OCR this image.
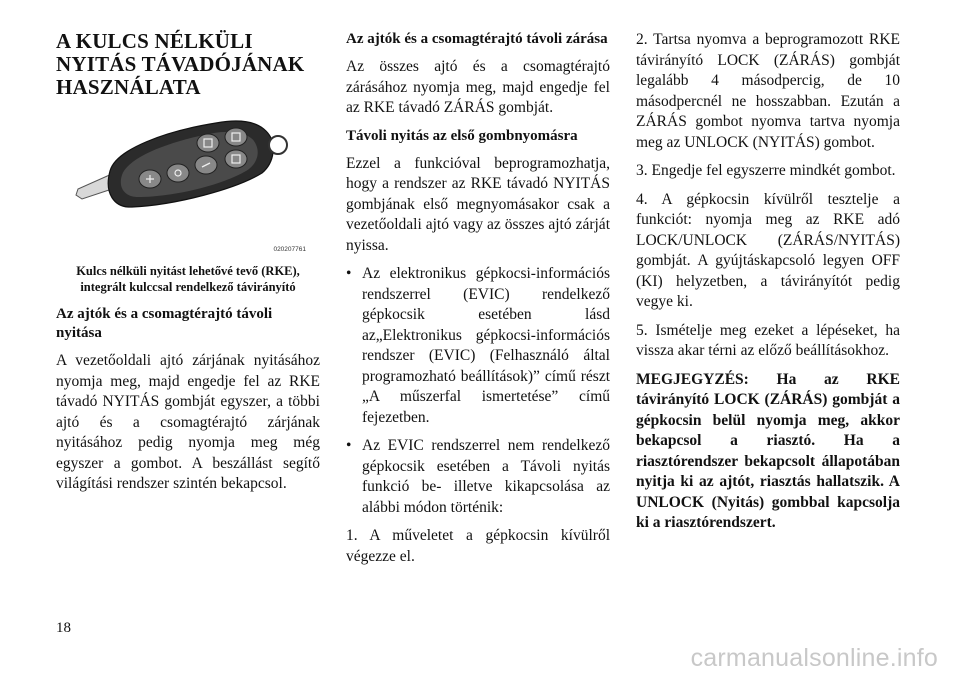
A KULCS NÉLKÜLI NYITÁS TÁVADÓJÁNAK HASZNÁLATA
020207761
Kulcs nélküli nyitást lehetővé tevő (RKE), integrált kulccsal rendelkező távirányító
Az ajtók és a csomagtérajtó távoli nyitása

A vezetőoldali ajtó zárjának nyitásához nyomja meg, majd engedje fel az RKE távadó NYITÁS gombját egyszer, a többi ajtó és a csomagtérajtó zárjának nyitásához pedig nyomja meg még egyszer a gombot. A beszállást segítő világítási rendszer szintén bekapcsol.

Az ajtók és a csomagtérajtó távoli zárása

Az összes ajtó és a csomagtérajtó zárásához nyomja meg, majd engedje fel az RKE távadó ZÁRÁS gombját.

Távoli nyitás az első gombnyomásra

Ezzel a funkcióval beprogramozhatja, hogy a rendszer az RKE távadó NYITÁS gombjának első megnyomásakor csak a vezetőoldali ajtó vagy az összes ajtó zárját nyissa.

• Az elektronikus gépkocsi-információs rendszerrel (EVIC) rendelkező gépkocsik esetében lásd az„Elektronikus gépkocsi-információs rendszer (EVIC) (Felhasználó által programozható beállítások)” című részt „A műszerfal ismertetése” című fejezetben.
• Az EVIC rendszerrel nem rendelkező gépkocsik esetében a Távoli nyitás funkció be- illetve kikapcsolása az alábbi módon történik:

1. A műveletet a gépkocsin kívülről végezze el.

2. Tartsa nyomva a beprogramozott RKE távirányító LOCK (ZÁRÁS) gombját legalább 4 másodpercig, de 10 másodpercnél ne hosszabban. Ezután a ZÁRÁS gombot nyomva tartva nyomja meg az UNLOCK (NYITÁS) gombot.

3. Engedje fel egyszerre mindkét gombot.

4. A gépkocsin kívülről tesztelje a funkciót: nyomja meg az RKE adó LOCK/UNLOCK (ZÁRÁS/NYITÁS) gombját. A gyújtáskapcsoló legyen OFF (KI) helyzetben, a távirányítót pedig vegye ki.

5. Ismételje meg ezeket a lépéseket, ha vissza akar térni az előző beállításokhoz.

MEGJEGYZÉS: Ha az RKE távirányító LOCK (ZÁRÁS) gombját a gépkocsin belül nyomja meg, akkor bekapcsol a riasztó. Ha a riasztórendszer bekapcsolt állapotában nyitja ki az ajtót, riasztás hallatszik. A UNLOCK (Nyitás) gombbal kapcsolja ki a riasztórendszert.

18
carmanualsonline.info
